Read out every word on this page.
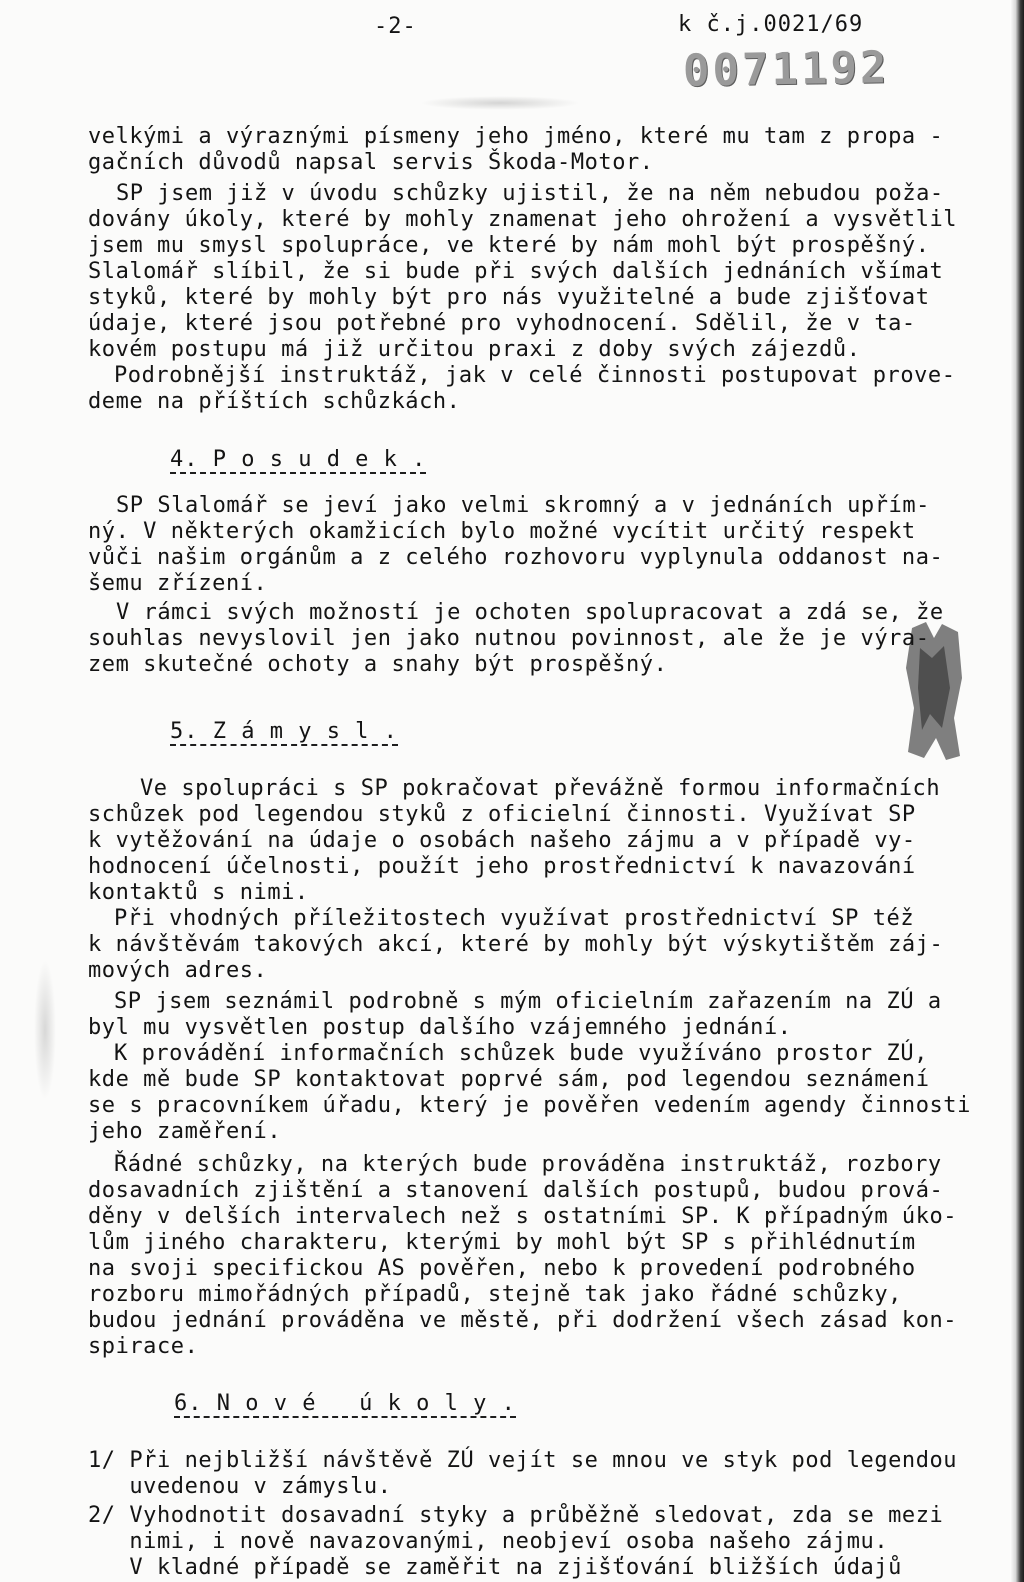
-2-	k č.j.0021/69
0071192
velkými a výraznými písmeny jeho jméno, které mu tam z propa -
gačních důvodů napsal servis Škoda-Motor.
SP jsem již v úvodu schůzky ujistil, že na něm nebudou poža-
dovány úkoly, které by mohly znamenat jeho ohrožení a vysvětlil
jsem mu smysl spolupráce, ve které by nám mohl být prospěšný.
Slalomář slíbil, že si bude při svých dalších jednáních všímat
styků, které by mohly být pro nás využitelné a bude zjišťovat
údaje, které jsou potřebné pro vyhodnocení. Sdělil, že v ta-
kovém postupu má již určitou praxi z doby svých zájezdů.
Podrobnější instruktáž, jak v celé činnosti postupovat prove-
deme na příštích schůzkách.
4. P o s u d e k .
SP Slalomář se jeví jako velmi skromný a v jednáních upřím-
ný. V některých okamžicích bylo možné vycítit určitý respekt
vůči našim orgánům a z celého rozhovoru vyplynula oddanost na-
šemu zřízení.
V rámci svých možností je ochoten spolupracovat a zdá se, že
souhlas nevyslovil jen jako nutnou povinnost, ale že je výra-
zem skutečné ochoty a snahy být prospěšný.
5. Z á m y s l .
Ve spolupráci s SP pokračovat převážně formou informačních
schůzek pod legendou styků z oficielní činnosti. Využívat SP
k vytěžování na údaje o osobách našeho zájmu a v případě vy-
hodnocení účelnosti, použít jeho prostřednictví k navazování
kontaktů s nimi.
Při vhodných příležitostech využívat prostřednictví SP též
k návštěvám takových akcí, které by mohly být výskytištěm záj-
mových adres.
SP jsem seznámil podrobně s mým oficielním zařazením na ZÚ a
byl mu vysvětlen postup dalšího vzájemného jednání.
K provádění informačních schůzek bude využíváno prostor ZÚ,
kde mě bude SP kontaktovat poprvé sám, pod legendou seznámení
se s pracovníkem úřadu, který je pověřen vedením agendy činnosti
jeho zaměření.
Řádné schůzky, na kterých bude prováděna instruktáž, rozbory
dosavadních zjištění a stanovení dalších postupů, budou prová-
děny v delších intervalech než s ostatními SP. K případným úko-
lům jiného charakteru, kterými by mohl být SP s přihlédnutím
na svoji specifickou AS pověřen, nebo k provedení podrobného
rozboru mimořádných případů, stejně tak jako řádné schůzky,
budou jednání prováděna ve městě, při dodržení všech zásad kon-
spirace.
6. N o v é   ú k o l y .
1/ Při nejbližší návštěvě ZÚ vejít se mnou ve styk pod legendou
uvedenou v zámyslu.
2/ Vyhodnotit dosavadní styky a průběžně sledovat, zda se mezi
nimi, i nově navazovanými, neobjeví osoba našeho zájmu.
V kladné případě se zaměřit na zjišťování bližších údajů
